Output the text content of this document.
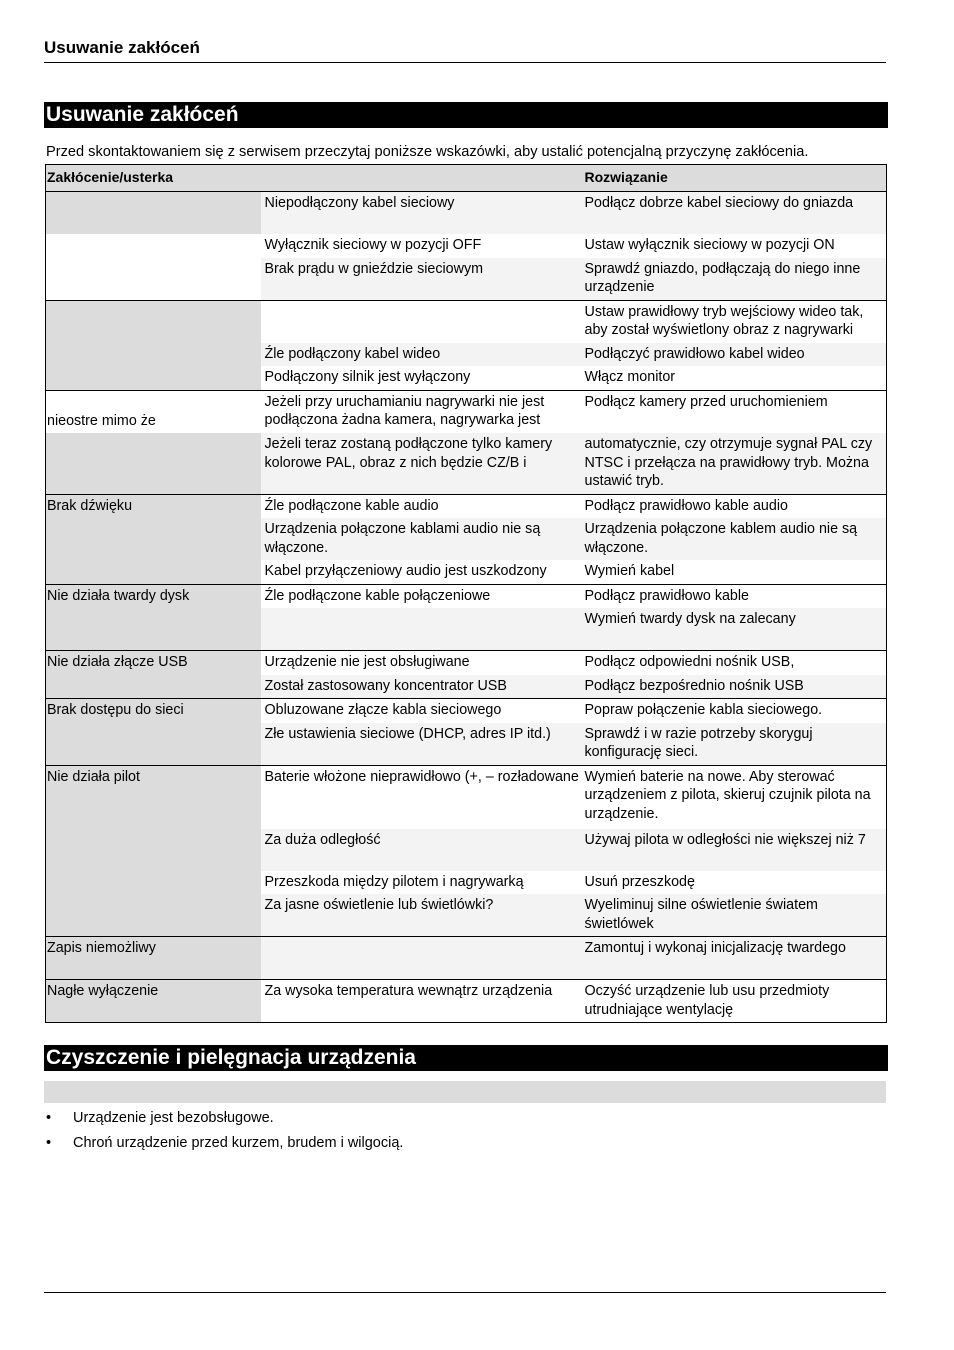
Usuwanie zakłóceń
Usuwanie zakłóceń
Przed skontaktowaniem się z serwisem przeczytaj poniższe wskazówki, aby ustalić potencjalną przyczynę zakłócenia.
Zakłócenie/usterka		Rozwiązanie
	Niepodłączony kabel sieciowy	Podłącz dobrze kabel sieciowy do gniazda
	Wyłącznik sieciowy w pozycji OFF	Ustaw wyłącznik sieciowy w pozycji ON
	Brak prądu w gnieździe sieciowym	Sprawdź gniazdo, podłączają do niego inne urządzenie
		Ustaw prawidłowy tryb wejściowy wideo tak, aby został wyświetlony obraz z nagrywarki
	Źle podłączony kabel wideo	Podłączyć prawidłowo kabel wideo
	Podłączony silnik jest wyłączony	Włącz monitor
nieostre mimo że	Jeżeli przy uruchamianiu nagrywarki nie jest podłączona żadna kamera, nagrywarka jest	Podłącz kamery przed uruchomieniem
	Jeżeli teraz zostaną podłączone tylko kamery kolorowe PAL, obraz z nich będzie CZ/B i	automatycznie, czy otrzymuje sygnał PAL czy NTSC i przełącza na prawidłowy tryb. Można ustawić tryb.
Brak dźwięku	Źle podłączone kable audio	Podłącz prawidłowo kable audio
	Urządzenia połączone kablami audio nie są włączone.	Urządzenia połączone kablem audio nie są włączone.
	Kabel przyłączeniowy audio jest uszkodzony	Wymień kabel
Nie działa twardy dysk	Źle podłączone kable połączeniowe	Podłącz prawidłowo kable
		Wymień twardy dysk na zalecany
Nie działa złącze USB	Urządzenie nie jest obsługiwane	Podłącz odpowiedni nośnik USB,
	Został zastosowany koncentrator USB	Podłącz bezpośrednio nośnik USB
Brak dostępu do sieci	Obluzowane złącze kabla sieciowego	Popraw połączenie kabla sieciowego.
	Złe ustawienia sieciowe (DHCP, adres IP itd.)	Sprawdź i w razie potrzeby skoryguj konfigurację sieci.
Nie działa pilot	Baterie włożone nieprawidłowo (+, – rozładowane	Wymień baterie na nowe. Aby sterować urządzeniem z pilota, skieruj czujnik pilota na urządzenie.
	Za duża odległość	Używaj pilota w odległości nie większej niż 7
	Przeszkoda między pilotem i nagrywarką	Usuń przeszkodę
	Za jasne oświetlenie lub świetlówki?	Wyeliminuj silne oświetlenie światem świetlówek
Zapis niemożliwy		Zamontuj i wykonaj inicjalizację twardego
Nagłe wyłączenie	Za wysoka temperatura wewnątrz urządzenia	Oczyść urządzenie lub usu przedmioty utrudniające wentylację
Czyszczenie i pielęgnacja urządzenia
• Urządzenie jest bezobsługowe.
• Chroń urządzenie przed kurzem, brudem i wilgocią.
